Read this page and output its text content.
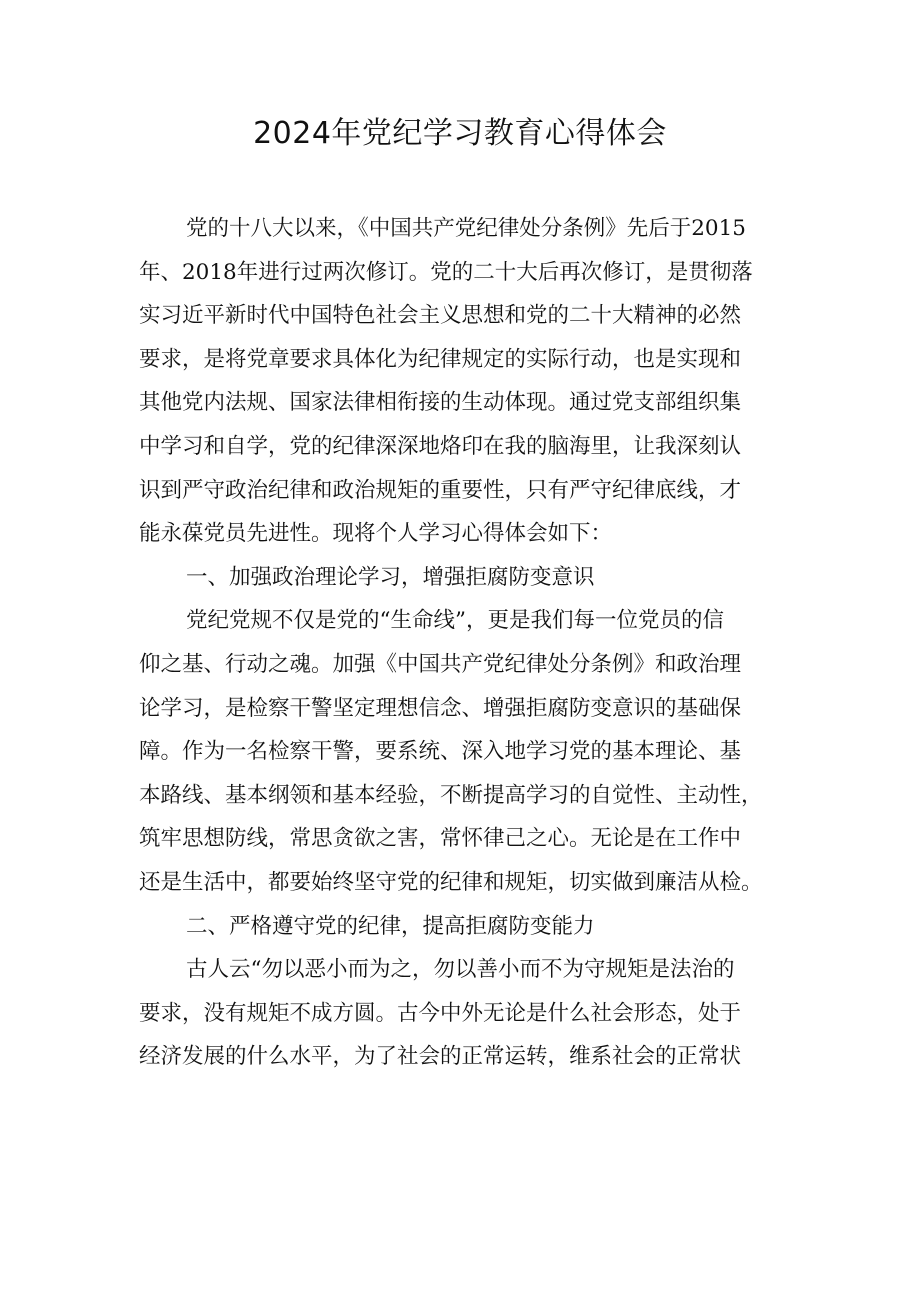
2024年党纪学习教育心得体会
党的十八大以来，《中国共产党纪律处分条例》先后于2015
年、2018年进行过两次修订。党的二十大后再次修订，是贯彻落
实习近平新时代中国特色社会主义思想和党的二十大精神的必然
要求，是将党章要求具体化为纪律规定的实际行动，也是实现和
其他党内法规、国家法律相衔接的生动体现。通过党支部组织集
中学习和自学，党的纪律深深地烙印在我的脑海里，让我深刻认
识到严守政治纪律和政治规矩的重要性，只有严守纪律底线，才
能永葆党员先进性。现将个人学习心得体会如下：
一、加强政治理论学习，增强拒腐防变意识
党纪党规不仅是党的“生命线”，更是我们每一位党员的信
仰之基、行动之魂。加强《中国共产党纪律处分条例》和政治理
论学习，是检察干警坚定理想信念、增强拒腐防变意识的基础保
障。作为一名检察干警，要系统、深入地学习党的基本理论、基
本路线、基本纲领和基本经验，不断提高学习的自觉性、主动性，
筑牢思想防线，常思贪欲之害，常怀律己之心。无论是在工作中
还是生活中，都要始终坚守党的纪律和规矩，切实做到廉洁从检。
二、严格遵守党的纪律，提高拒腐防变能力
古人云“勿以恶小而为之，勿以善小而不为守规矩是法治的
要求，没有规矩不成方圆。古今中外无论是什么社会形态，处于
经济发展的什么水平，为了社会的正常运转，维系社会的正常状
